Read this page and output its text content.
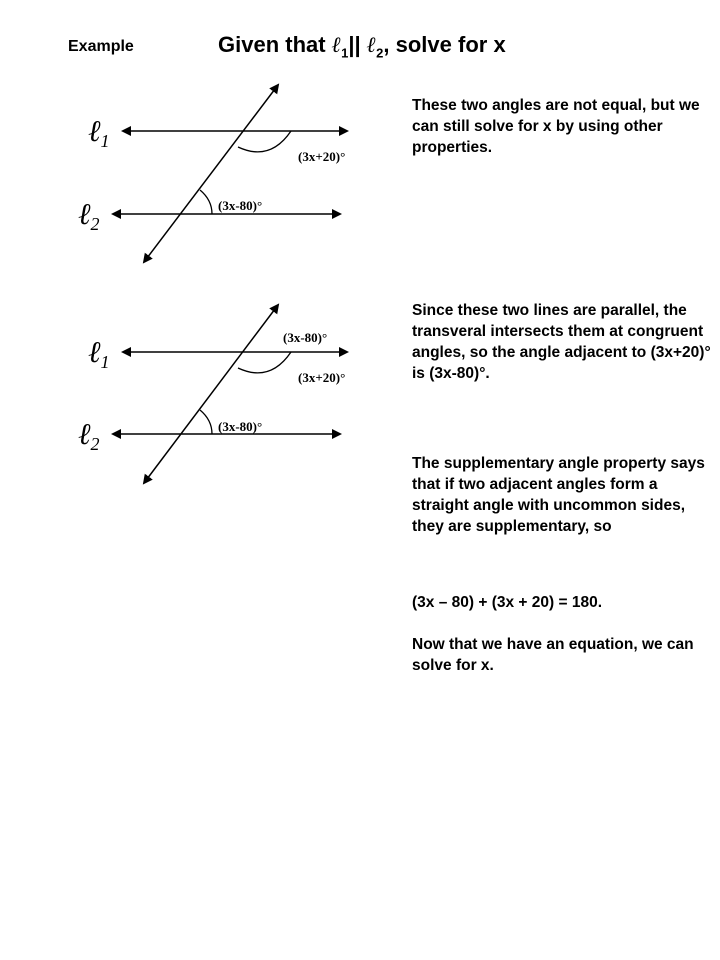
Example	Given that ℓ$_1$|| ℓ$_2$, solve for x
ℓ$_1$
ℓ$_2$
(3x+20)°
(3x-80)°
ℓ$_1$
ℓ$_2$
(3x-80)°
(3x+20)°
(3x-80)°
These two angles are not equal, but we can still solve for x by using other properties.
Since these two lines are parallel, the transveral intersects them at congruent angles, so the angle adjacent to (3x+20)° is (3x-80)°.
The supplementary angle property says that if two adjacent angles form a straight angle with uncommon sides, they are supplementary, so
(3x – 80) + (3x + 20) = 180.
Now that we have an equation, we can solve for x.
